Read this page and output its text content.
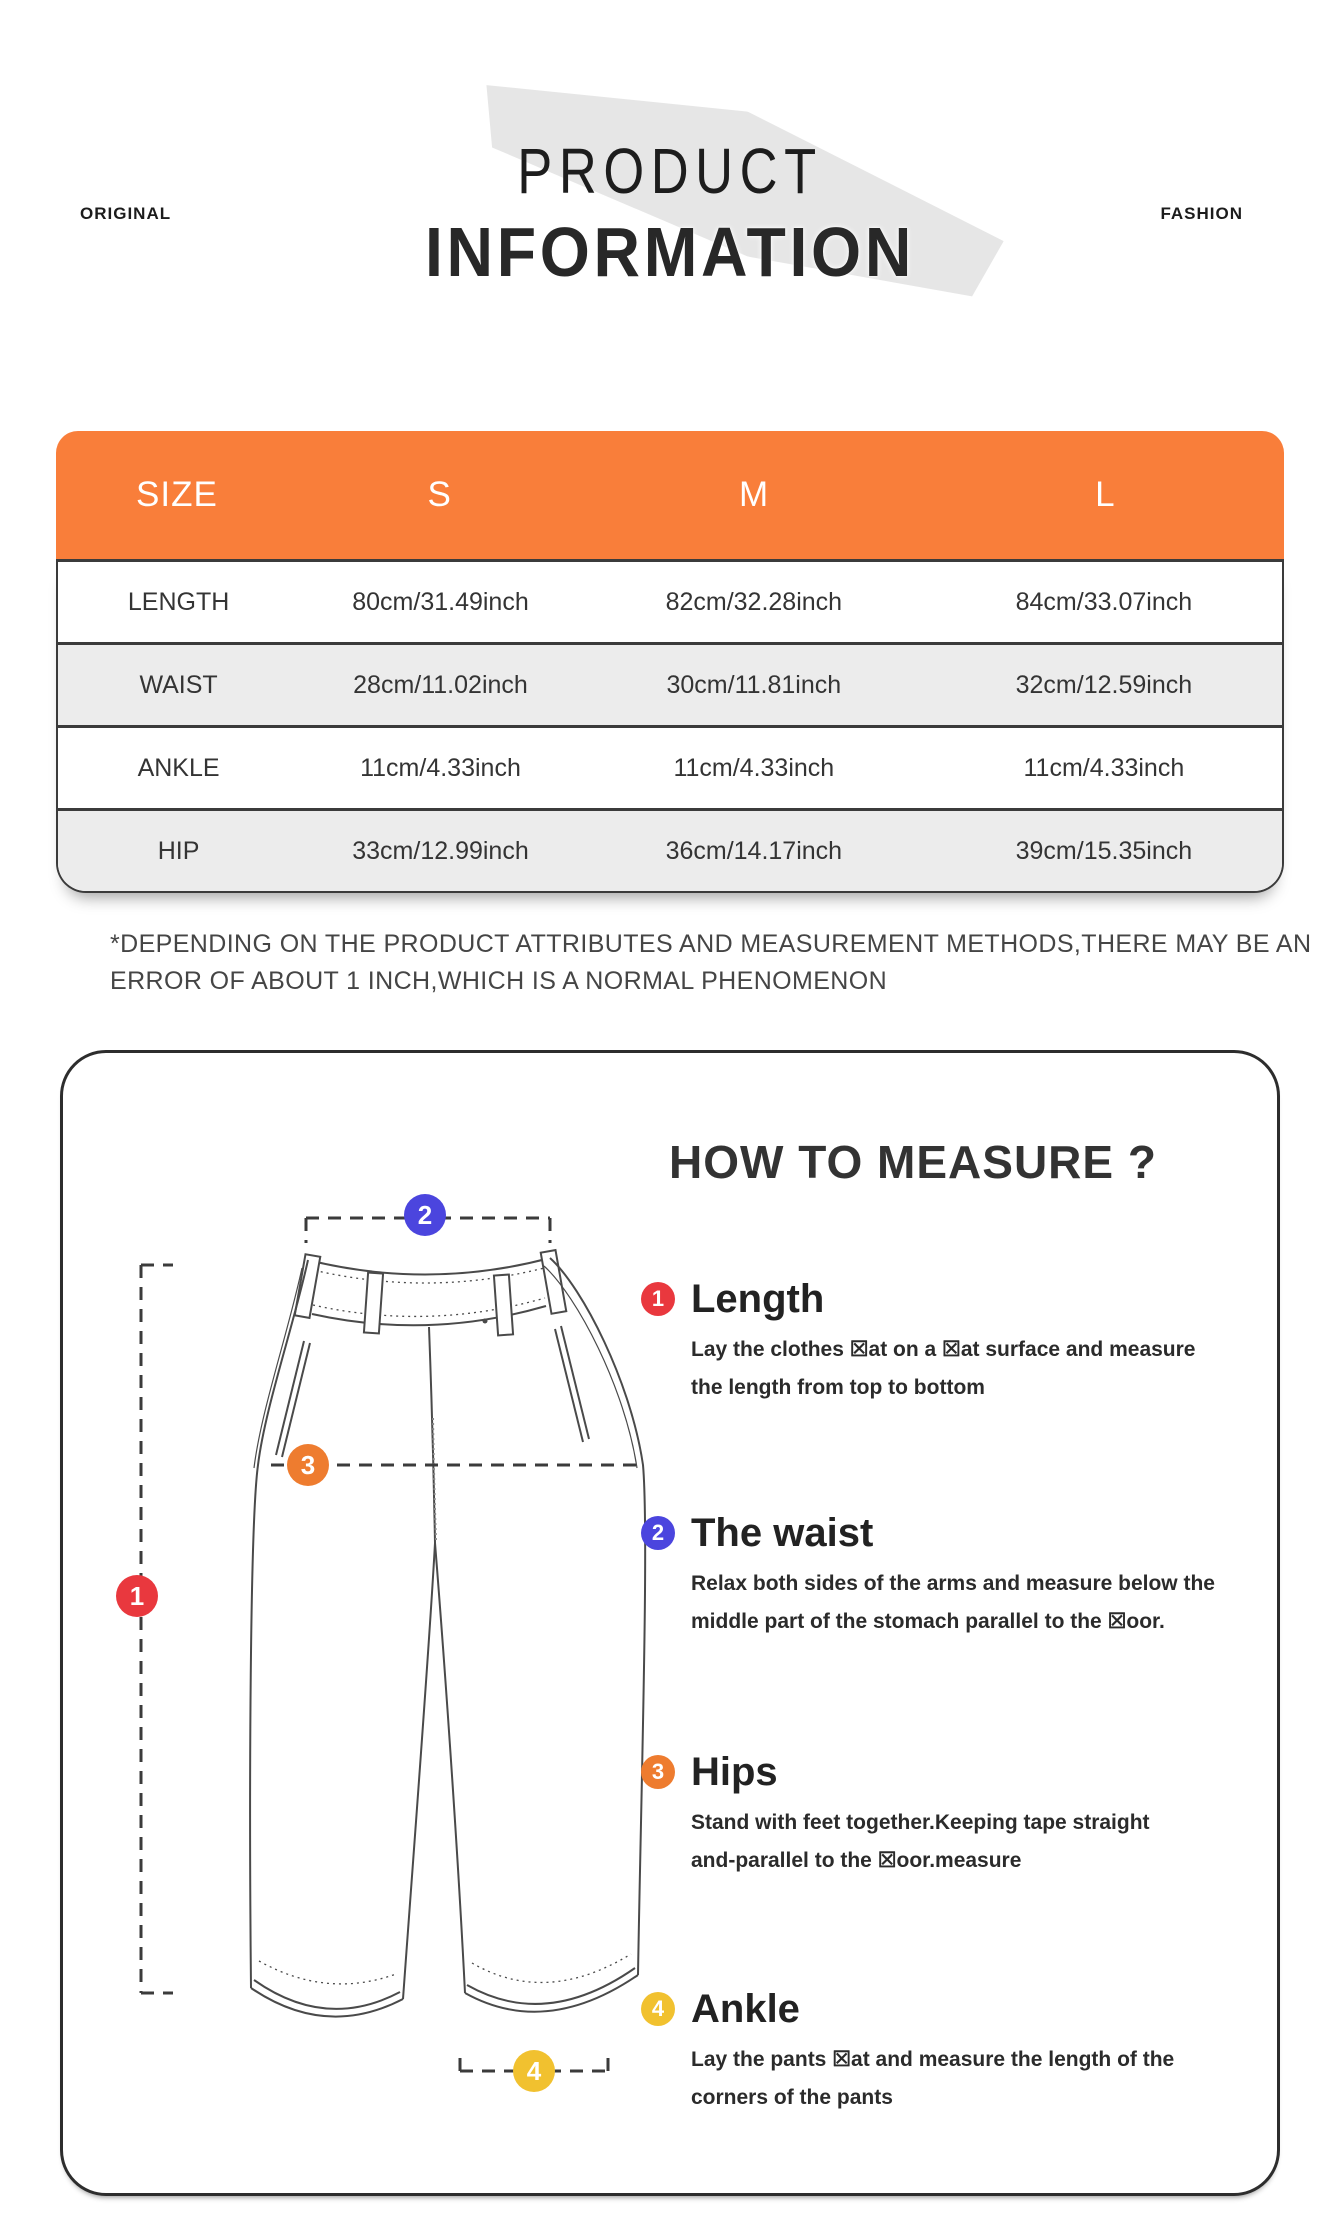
ORIGINAL	FASHION
PRODUCT
INFORMATION
SIZE	S	M	L
LENGTH	80cm/31.49inch	82cm/32.28inch	84cm/33.07inch
WAIST	28cm/11.02inch	30cm/11.81inch	32cm/12.59inch
ANKLE	11cm/4.33inch	11cm/4.33inch	11cm/4.33inch
HIP	33cm/12.99inch	36cm/14.17inch	39cm/15.35inch
*DEPENDING ON THE PRODUCT ATTRIBUTES AND MEASUREMENT METHODS,THERE MAY BE AN
ERROR OF ABOUT 1 INCH,WHICH IS A NORMAL PHENOMENON
HOW TO MEASURE ?
1
2
3
4
1 Length
Lay the clothes ☒at on a ☒at surface and measure
the length from top to bottom
2 The waist
Relax both sides of the arms and measure below the
middle part of the stomach parallel to the ☒oor.
3 Hips
Stand with feet together.Keeping tape straight
and-parallel to the ☒oor.measure
4 Ankle
Lay the pants ☒at and measure the length of the
corners of the pants
